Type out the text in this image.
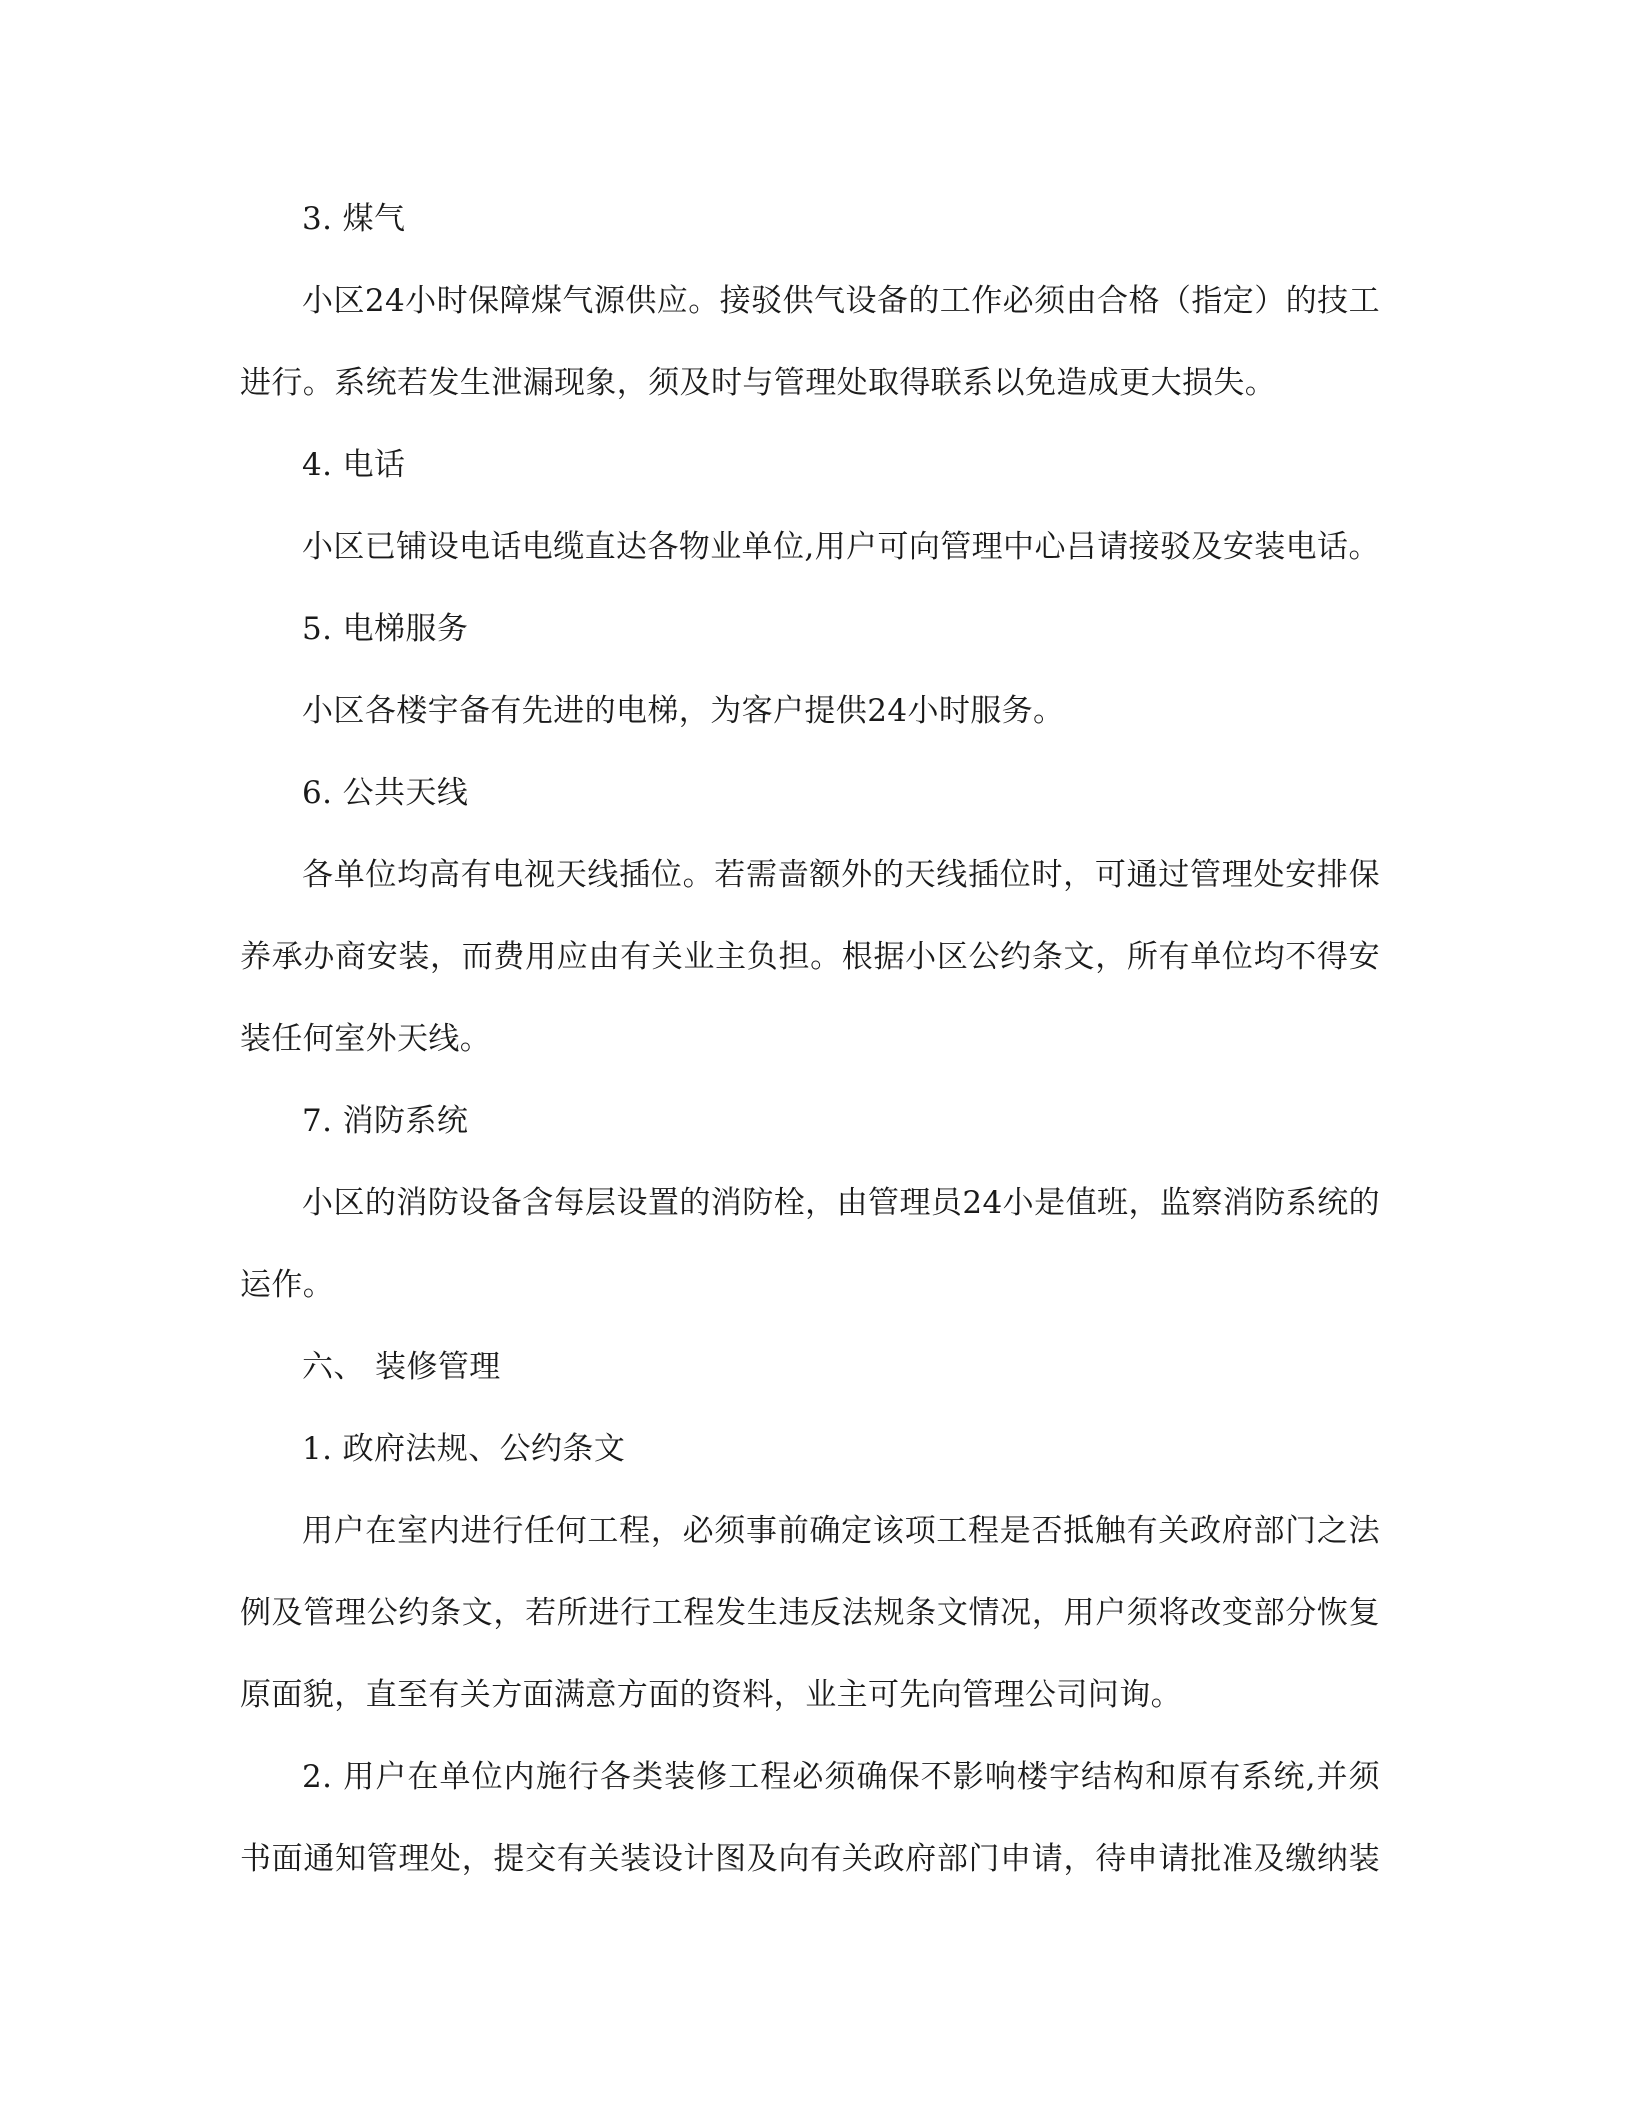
3. 煤气
小区24小时保障煤气源供应。接驳供气设备的工作必须由合格（指定）的技工
进行。系统若发生泄漏现象，须及时与管理处取得联系以免造成更大损失。
4. 电话
小区已铺设电话电缆直达各物业单位,用户可向管理中心吕请接驳及安装电话。
5. 电梯服务
小区各楼宇备有先进的电梯，为客户提供24小时服务。
6. 公共天线
各单位均高有电视天线插位。若需啬额外的天线插位时，可通过管理处安排保
养承办商安装，而费用应由有关业主负担。根据小区公约条文，所有单位均不得安
装任何室外天线。
7. 消防系统
小区的消防设备含每层设置的消防栓，由管理员24小是值班，监察消防系统的
运作。
六、 装修管理
1. 政府法规、公约条文
用户在室内进行任何工程，必须事前确定该项工程是否抵触有关政府部门之法
例及管理公约条文，若所进行工程发生违反法规条文情况，用户须将改变部分恢复
原面貌，直至有关方面满意方面的资料，业主可先向管理公司问询。
2. 用户在单位内施行各类装修工程必须确保不影响楼宇结构和原有系统,并须
书面通知管理处，提交有关装设计图及向有关政府部门申请，待申请批准及缴纳装
